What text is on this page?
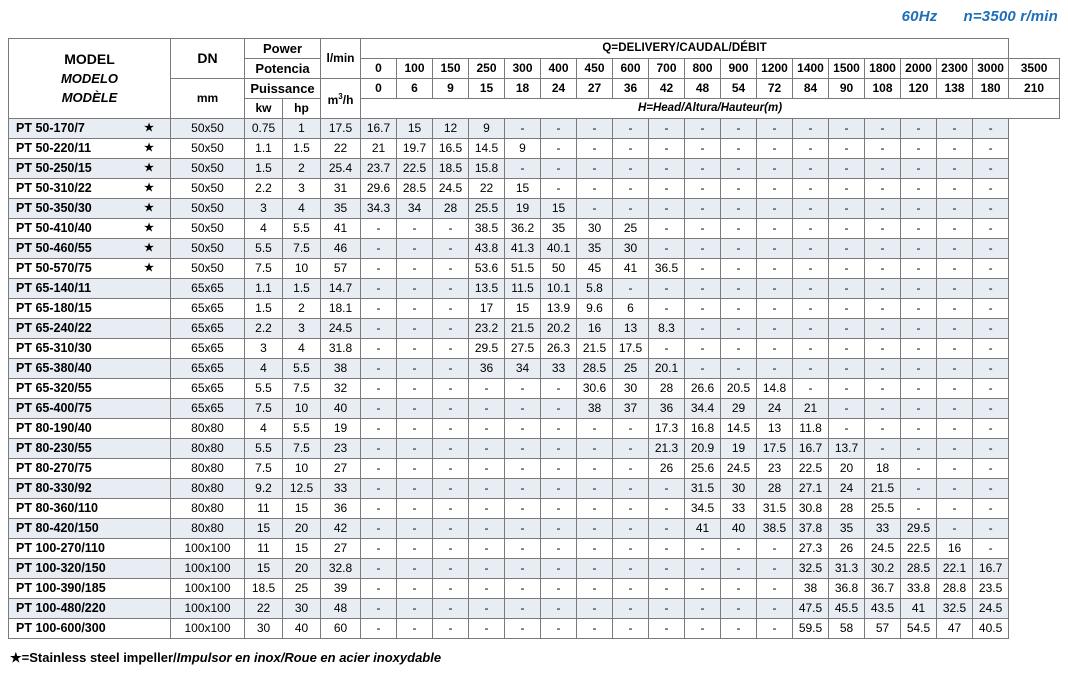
60Hz n=3500 r/min
MODEL
MODELO
MODÈLE	DN	Power		l/min	Q=DELIVERY/CAUDAL/DÉBIT																		
		Potencia			0	100	150	250	300	400	450	600	700	800	900	1200	1400	1500	1800	2000	2300	3000	3500
	mm	Puissance		$m^3/h$	0	6	9	15	18	24	27	36	42	48	54	72	84	90	108	120	138	180	210
		kw	hp		H=Head/Altura/Hauteur(m)																		
PT 50-170/7 ★	50x50	0.75	1	17.5	16.7	15	12	9	-	-	-	-	-	-	-	-	-	-	-	-	-	-	
PT 50-220/11 ★	50x50	1.1	1.5	22	21	19.7	16.5	14.5	9	-	-	-	-	-	-	-	-	-	-	-	-	-	
PT 50-250/15 ★	50x50	1.5	2	25.4	23.7	22.5	18.5	15.8	-	-	-	-	-	-	-	-	-	-	-	-	-	-	
PT 50-310/22 ★	50x50	2.2	3	31	29.6	28.5	24.5	22	15	-	-	-	-	-	-	-	-	-	-	-	-	-	
PT 50-350/30 ★	50x50	3	4	35	34.3	34	28	25.5	19	15	-	-	-	-	-	-	-	-	-	-	-	-	
PT 50-410/40 ★	50x50	4	5.5	41	-	-	-	38.5	36.2	35	30	25	-	-	-	-	-	-	-	-	-	-	
PT 50-460/55 ★	50x50	5.5	7.5	46	-	-	-	43.8	41.3	40.1	35	30	-	-	-	-	-	-	-	-	-	-	
PT 50-570/75 ★	50x50	7.5	10	57	-	-	-	53.6	51.5	50	45	41	36.5	-	-	-	-	-	-	-	-	-	
PT 65-140/11	65x65	1.1	1.5	14.7	-	-	-	13.5	11.5	10.1	5.8	-	-	-	-	-	-	-	-	-	-	-	
PT 65-180/15	65x65	1.5	2	18.1	-	-	-	17	15	13.9	9.6	6	-	-	-	-	-	-	-	-	-	-	
PT 65-240/22	65x65	2.2	3	24.5	-	-	-	23.2	21.5	20.2	16	13	8.3	-	-	-	-	-	-	-	-	-	
PT 65-310/30	65x65	3	4	31.8	-	-	-	29.5	27.5	26.3	21.5	17.5	-	-	-	-	-	-	-	-	-	-	
PT 65-380/40	65x65	4	5.5	38	-	-	-	36	34	33	28.5	25	20.1	-	-	-	-	-	-	-	-	-	
PT 65-320/55	65x65	5.5	7.5	32	-	-	-	-	-	-	30.6	30	28	26.6	20.5	14.8	-	-	-	-	-	-	
PT 65-400/75	65x65	7.5	10	40	-	-	-	-	-	-	38	37	36	34.4	29	24	21	-	-	-	-	-	
PT 80-190/40	80x80	4	5.5	19	-	-	-	-	-	-	-	-	17.3	16.8	14.5	13	11.8	-	-	-	-	-	
PT 80-230/55	80x80	5.5	7.5	23	-	-	-	-	-	-	-	-	21.3	20.9	19	17.5	16.7	13.7	-	-	-	-	
PT 80-270/75	80x80	7.5	10	27	-	-	-	-	-	-	-	-	26	25.6	24.5	23	22.5	20	18	-	-	-	
PT 80-330/92	80x80	9.2	12.5	33	-	-	-	-	-	-	-	-	-	31.5	30	28	27.1	24	21.5	-	-	-	
PT 80-360/110	80x80	11	15	36	-	-	-	-	-	-	-	-	-	34.5	33	31.5	30.8	28	25.5	-	-	-	
PT 80-420/150	80x80	15	20	42	-	-	-	-	-	-	-	-	-	41	40	38.5	37.8	35	33	29.5	-	-	
PT 100-270/110	100x100	11	15	27	-	-	-	-	-	-	-	-	-	-	-	-	27.3	26	24.5	22.5	16	-	
PT 100-320/150	100x100	15	20	32.8	-	-	-	-	-	-	-	-	-	-	-	-	32.5	31.3	30.2	28.5	22.1	16.7	
PT 100-390/185	100x100	18.5	25	39	-	-	-	-	-	-	-	-	-	-	-	-	38	36.8	36.7	33.8	28.8	23.5	
PT 100-480/220	100x100	22	30	48	-	-	-	-	-	-	-	-	-	-	-	-	47.5	45.5	43.5	41	32.5	24.5	
PT 100-600/300	100x100	30	40	60	-	-	-	-	-	-	-	-	-	-	-	-	59.5	58	57	54.5	47	40.5	
★=Stainless steel impeller/Impulsor en inox/Roue en acier inoxydable
